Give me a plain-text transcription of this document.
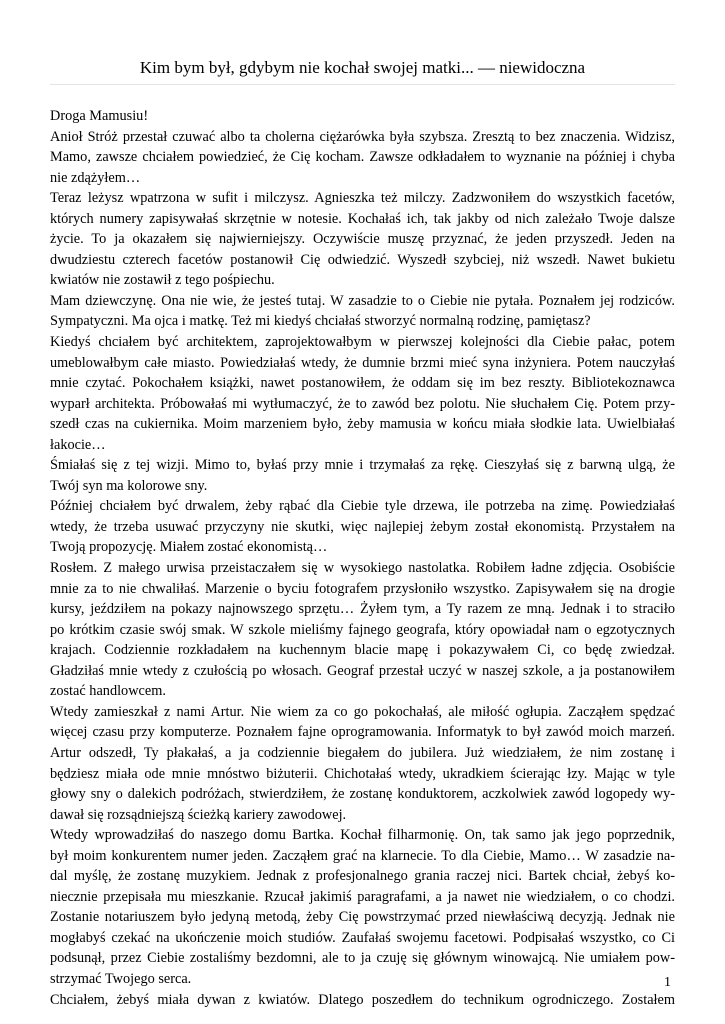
Kim bym był, gdybym nie kochał swojej matki... — niewidoczna
Droga Mamusiu!
Anioł Stróż przestał czuwać albo ta cholerna ciężarówka była szybsza. Zresztą to bez znaczenia. Widzisz,
Mamo, zawsze chciałem powiedzieć, że Cię kocham. Zawsze odkładałem to wyznanie na później i chyba
nie zdążyłem…
Teraz leżysz wpatrzona w sufit i milczysz. Agnieszka też milczy. Zadzwoniłem do wszystkich facetów,
których numery zapisywałaś skrzętnie w notesie. Kochałaś ich, tak jakby od nich zależało Twoje dalsze
życie. To ja okazałem się najwierniejszy. Oczywiście muszę przyznać, że jeden przyszedł. Jeden na
dwudziestu czterech facetów postanowił Cię odwiedzić. Wyszedł szybciej, niż wszedł. Nawet bukietu
kwiatów nie zostawił z tego pośpiechu.
Mam dziewczynę. Ona nie wie, że jesteś tutaj. W zasadzie to o Ciebie nie pytała. Poznałem jej rodziców.
Sympatyczni. Ma ojca i matkę. Też mi kiedyś chciałaś stworzyć normalną rodzinę, pamiętasz?
Kiedyś chciałem być architektem, zaprojektowałbym w pierwszej kolejności dla Ciebie pałac, potem
umeblowałbym całe miasto. Powiedziałaś wtedy, że dumnie brzmi mieć syna inżyniera. Potem nauczyłaś
mnie czytać. Pokochałem książki, nawet postanowiłem, że oddam się im bez reszty. Bibliotekoznawca
wyparł architekta. Próbowałaś mi wytłumaczyć, że to zawód bez polotu. Nie słuchałem Cię. Potem przy-
szedł czas na cukiernika. Moim marzeniem było, żeby mamusia w końcu miała słodkie lata. Uwielbiałaś
łakocie…
Śmiałaś się z tej wizji. Mimo to, byłaś przy mnie i trzymałaś za rękę. Cieszyłaś się z barwną ulgą, że
Twój syn ma kolorowe sny.
Później chciałem być drwalem, żeby rąbać dla Ciebie tyle drzewa, ile potrzeba na zimę. Powiedziałaś
wtedy, że trzeba usuwać przyczyny nie skutki, więc najlepiej żebym został ekonomistą. Przystałem na
Twoją propozycję. Miałem zostać ekonomistą…
Rosłem. Z małego urwisa przeistaczałem się w wysokiego nastolatka. Robiłem ładne zdjęcia. Osobiście
mnie za to nie chwaliłaś. Marzenie o byciu fotografem przysłoniło wszystko. Zapisywałem się na drogie
kursy, jeździłem na pokazy najnowszego sprzętu… Żyłem tym, a Ty razem ze mną. Jednak i to straciło
po krótkim czasie swój smak. W szkole mieliśmy fajnego geografa, który opowiadał nam o egzotycznych
krajach. Codziennie rozkładałem na kuchennym blacie mapę i pokazywałem Ci, co będę zwiedzał.
Gładziłaś mnie wtedy z czułością po włosach. Geograf przestał uczyć w naszej szkole, a ja postanowiłem
zostać handlowcem.
Wtedy zamieszkał z nami Artur. Nie wiem za co go pokochałaś, ale miłość ogłupia. Zacząłem spędzać
więcej czasu przy komputerze. Poznałem fajne oprogramowania. Informatyk to był zawód moich marzeń.
Artur odszedł, Ty płakałaś, a ja codziennie biegałem do jubilera. Już wiedziałem, że nim zostanę i
będziesz miała ode mnie mnóstwo biżuterii. Chichotałaś wtedy, ukradkiem ścierając łzy. Mając w tyle
głowy sny o dalekich podróżach, stwierdziłem, że zostanę konduktorem, aczkolwiek zawód logopedy wy-
dawał się rozsądniejszą ścieżką kariery zawodowej.
Wtedy wprowadziłaś do naszego domu Bartka. Kochał filharmonię. On, tak samo jak jego poprzednik,
był moim konkurentem numer jeden. Zacząłem grać na klarnecie. To dla Ciebie, Mamo… W zasadzie na-
dal myślę, że zostanę muzykiem. Jednak z profesjonalnego grania raczej nici. Bartek chciał, żebyś ko-
niecznie przepisała mu mieszkanie. Rzucał jakimiś paragrafami, a ja nawet nie wiedziałem, o co chodzi.
Zostanie notariuszem było jedyną metodą, żeby Cię powstrzymać przed niewłaściwą decyzją. Jednak nie
mogłabyś czekać na ukończenie moich studiów. Zaufałaś swojemu facetowi. Podpisałaś wszystko, co Ci
podsunął, przez Ciebie zostaliśmy bezdomni, ale to ja czuję się głównym winowajcą. Nie umiałem pow-
strzymać Twojego serca.
Chciałem, żebyś miała dywan z kwiatów. Dlatego poszedłem do technikum ogrodniczego. Zostałem
1
